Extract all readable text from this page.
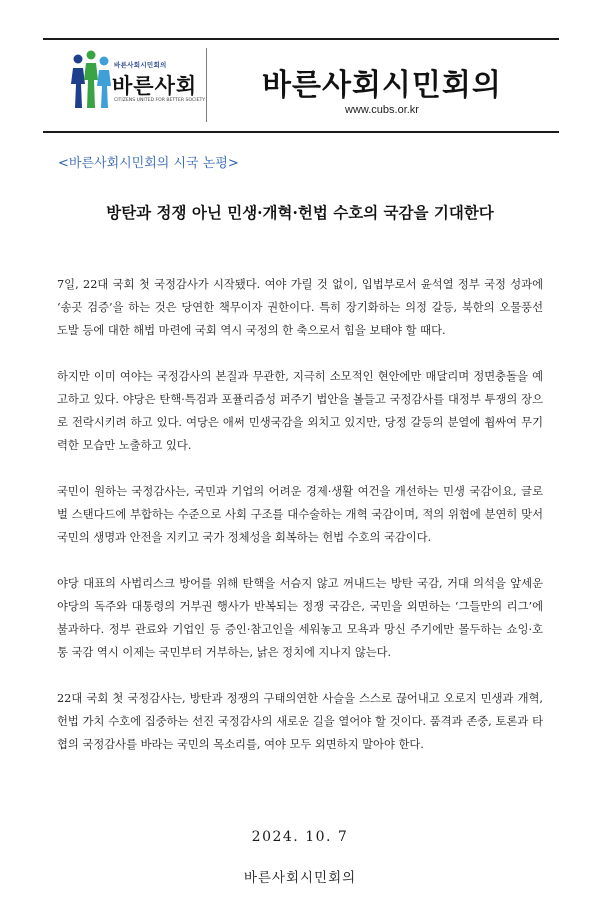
바른사회시민회의
바른사회
CITIZENS UNITED FOR BETTER SOCIETY 바른사회시민회의
www.cubs.or.kr
<바른사회시민회의 시국 논평>
방탄과 정쟁 아닌 민생·개혁·헌법 수호의 국감을 기대한다

7일, 22대 국회 첫 국정감사가 시작됐다. 여야 가릴 것 없이, 입법부로서 윤석열 정부 국정 성과에 ‘송곳 검증’을 하는 것은 당연한 책무이자 권한이다. 특히 장기화하는 의정 갈등, 북한의 오물풍선 도발 등에 대한 해법 마련에 국회 역시 국정의 한 축으로서 힘을 보태야 할 때다.

하지만 이미 여야는 국정감사의 본질과 무관한, 지극히 소모적인 현안에만 매달리며 정면충돌을 예고하고 있다. 야당은 탄핵·특검과 포퓰리즘성 퍼주기 법안을 볼들고 국정감사를 대정부 투쟁의 장으로 전락시키려 하고 있다. 여당은 애써 민생국감을 외치고 있지만, 당정 갈등의 분열에 휩싸여 무기력한 모습만 노출하고 있다.

국민이 원하는 국정감사는, 국민과 기업의 어려운 경제·생활 여건을 개선하는 민생 국감이요, 글로벌 스탠다드에 부합하는 수준으로 사회 구조를 대수술하는 개혁 국감이며, 적의 위협에 분연히 맞서 국민의 생명과 안전을 지키고 국가 정체성을 회복하는 헌법 수호의 국감이다.

야당 대표의 사법리스크 방어를 위해 탄핵을 서슴지 않고 꺼내드는 방탄 국감, 거대 의석을 앞세운 야당의 독주와 대통령의 거부권 행사가 반복되는 정쟁 국감은, 국민을 외면하는 ‘그들만의 리그’에 불과하다. 정부 관료와 기업인 등 증인·참고인을 세워놓고 모욕과 망신 주기에만 몰두하는 쇼잉·호통 국감 역시 이제는 국민부터 거부하는, 낡은 정치에 지나지 않는다.

22대 국회 첫 국정감사는, 방탄과 정쟁의 구태의연한 사슬을 스스로 끊어내고 오로지 민생과 개혁, 헌법 가치 수호에 집중하는 선진 국정감사의 새로운 길을 열어야 할 것이다. 품격과 존중, 토론과 타협의 국정감사를 바라는 국민의 목소리를, 여야 모두 외면하지 말아야 한다.

2024. 10. 7
바른사회시민회의
